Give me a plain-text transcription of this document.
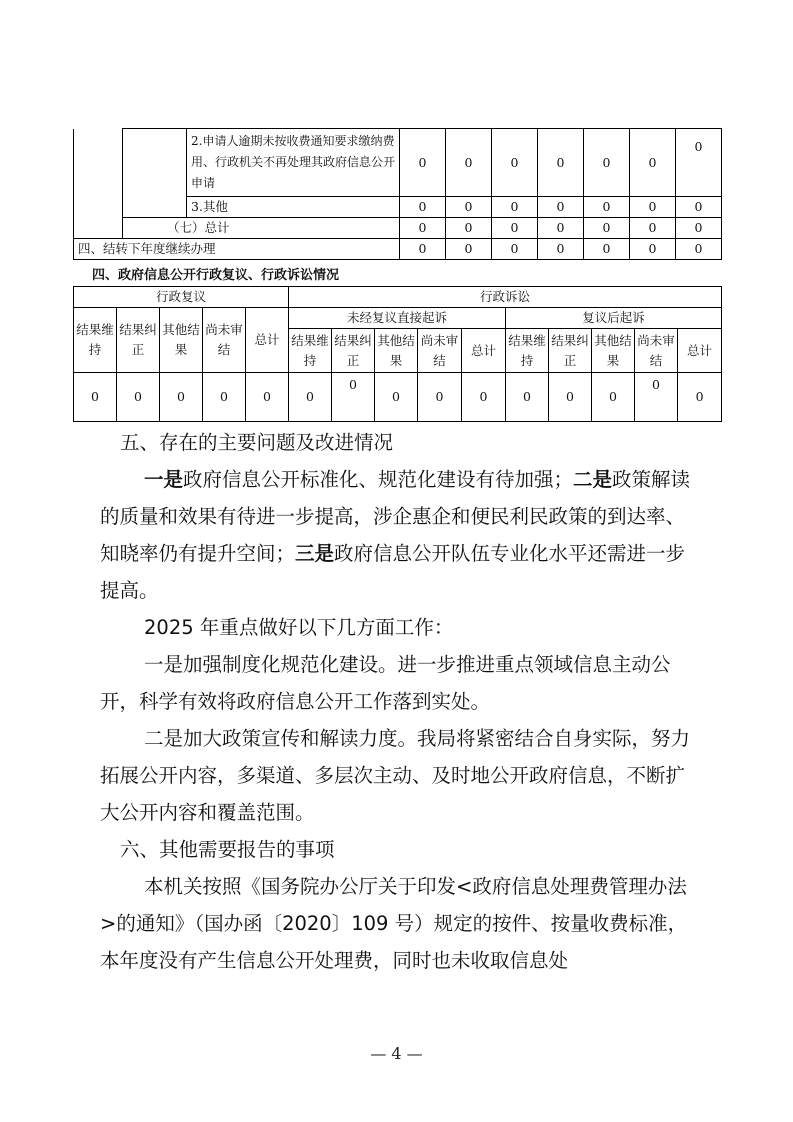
		2.申请人逾期未按收费通知要求缴纳费用、行政机关不再处理其政府信息公开申请	0	0	0	0	0	0	0
		3.其他	0	0	0	0	0	0	0
	（七）总计		0	0	0	0	0	0	0
四、结转下年度继续办理			0	0	0	0	0	0	0
四、政府信息公开行政复议、行政诉讼情况
行政复议					行政诉讼									
结果维持	结果纠正	其他结果	尚未审结	总计	未经复议直接起诉					复议后起诉				
					结果维持	结果纠正	其他结果	尚未审结	总计	结果维持	结果纠正	其他结果	尚未审结	总计
0	0	0	0	0	0	0	0	0	0	0	0	0	0	0

五、存在的主要问题及改进情况

一是政府信息公开标准化、规范化建设有待加强；二是政策解读的质量和效果有待进一步提高，涉企惠企和便民利民政策的到达率、知晓率仍有提升空间；三是政府信息公开队伍专业化水平还需进一步提高。

2025 年重点做好以下几方面工作：

一是加强制度化规范化建设。进一步推进重点领域信息主动公开，科学有效将政府信息公开工作落到实处。

二是加大政策宣传和解读力度。我局将紧密结合自身实际，努力拓展公开内容，多渠道、多层次主动、及时地公开政府信息，不断扩大公开内容和覆盖范围。

六、其他需要报告的事项

本机关按照《国务院办公厅关于印发<政府信息处理费管理办法>的通知》（国办函〔2020〕109 号）规定的按件、按量收费标准，本年度没有产生信息公开处理费，同时也未收取信息处

— 4 —
